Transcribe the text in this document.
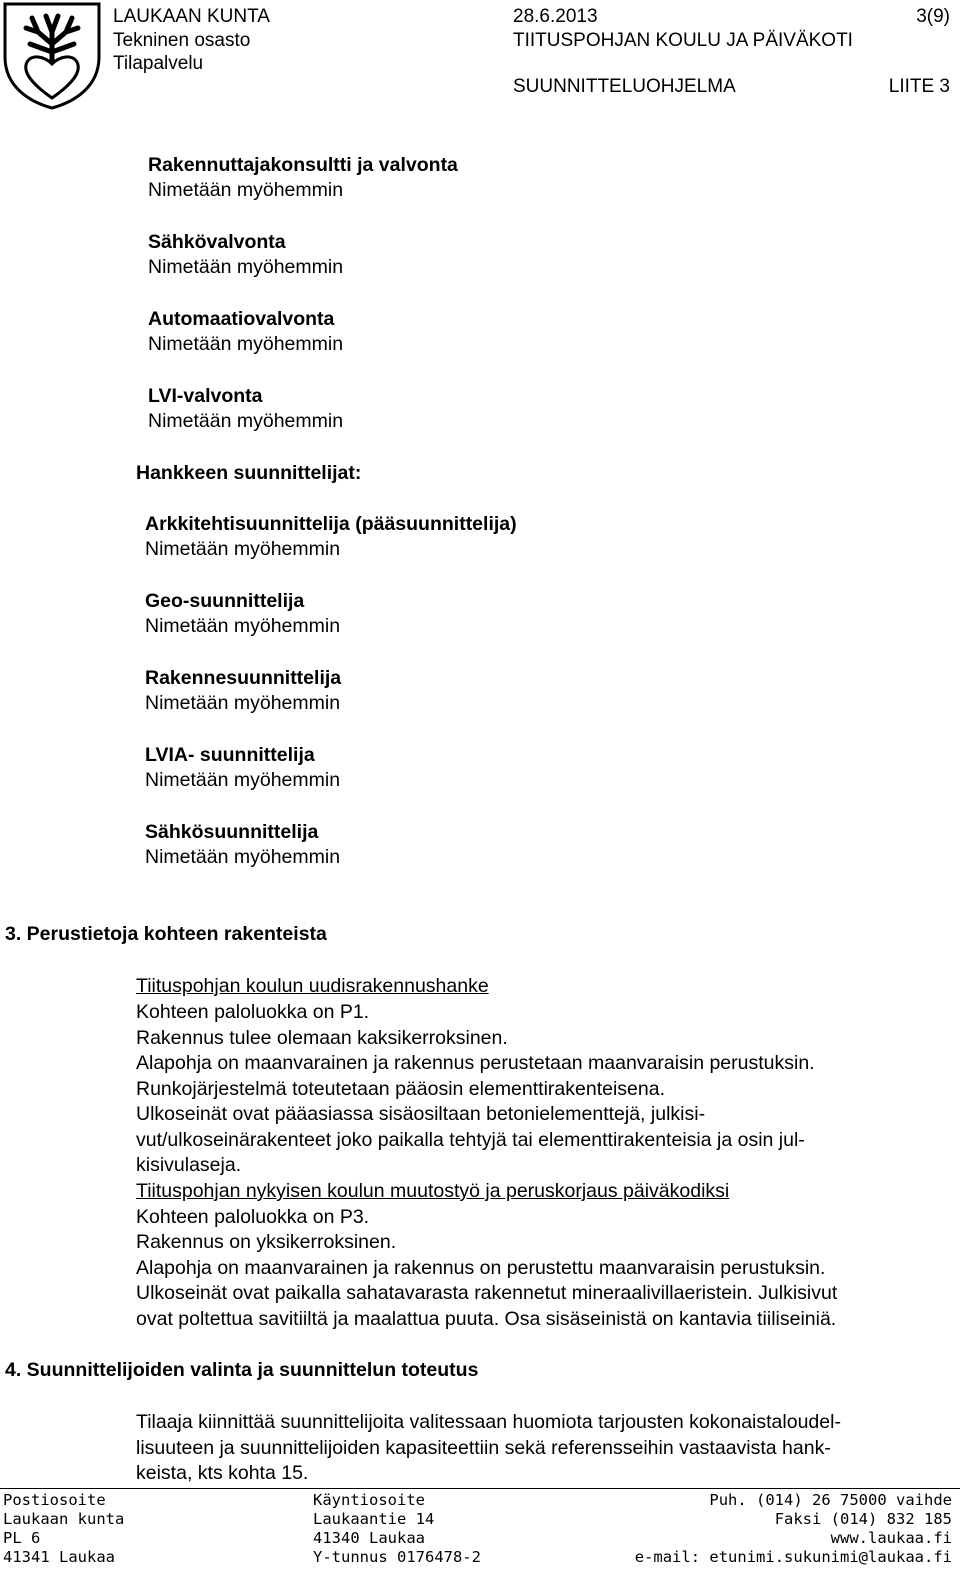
LAUKAAN KUNTA
Tekninen osasto
Tilapalvelu
28.6.2013	3(9)
TIITUSPOHJAN KOULU JA PÄIVÄKOTI
SUUNNITTELUOHJELMA	LIITE 3
Rakennuttajakonsultti ja valvonta
Nimetään myöhemmin
Sähkövalvonta
Nimetään myöhemmin
Automaatiovalvonta
Nimetään myöhemmin
LVI-valvonta
Nimetään myöhemmin
Hankkeen suunnittelijat:
Arkkitehtisuunnittelija (pääsuunnittelija)
Nimetään myöhemmin
Geo-suunnittelija
Nimetään myöhemmin
Rakennesuunnittelija
Nimetään myöhemmin
LVIA- suunnittelija
Nimetään myöhemmin
Sähkösuunnittelija
Nimetään myöhemmin
3. Perustietoja kohteen rakenteista
Tiituspohjan koulun uudisrakennushanke
Kohteen paloluokka on P1.
Rakennus tulee olemaan kaksikerroksinen.
Alapohja on maanvarainen ja rakennus perustetaan maanvaraisin perustuksin.
Runkojärjestelmä toteutetaan pääosin elementtirakenteisena.
Ulkoseinät ovat pääasiassa sisäosiltaan betonielementtejä, julkisi-
vut/ulkoseinärakenteet joko paikalla tehtyjä tai elementtirakenteisia ja osin jul-
kisivulaseja.
Tiituspohjan nykyisen koulun muutostyö ja peruskorjaus päiväkodiksi
Kohteen paloluokka on P3.
Rakennus on yksikerroksinen.
Alapohja on maanvarainen ja rakennus on perustettu maanvaraisin perustuksin.
Ulkoseinät ovat paikalla sahatavarasta rakennetut mineraalivillaeristein. Julkisivut
ovat poltettua savitiiltä ja maalattua puuta. Osa sisäseinistä on kantavia tiiliseiniä.
4. Suunnittelijoiden valinta ja suunnittelun toteutus
Tilaaja kiinnittää suunnittelijoita valitessaan huomiota tarjousten kokonaistaloudel-
lisuuteen ja suunnittelijoiden kapasiteettiin sekä referensseihin vastaavista hank-
keista, kts kohta 15.
Postiosoite
Laukaan kunta
PL 6
41341 Laukaa
Käyntiosoite
Laukaantie 14
41340 Laukaa
Y-tunnus 0176478-2
Puh. (014) 26 75000 vaihde
Faksi (014) 832 185
www.laukaa.fi
e-mail: etunimi.sukunimi@laukaa.fi
